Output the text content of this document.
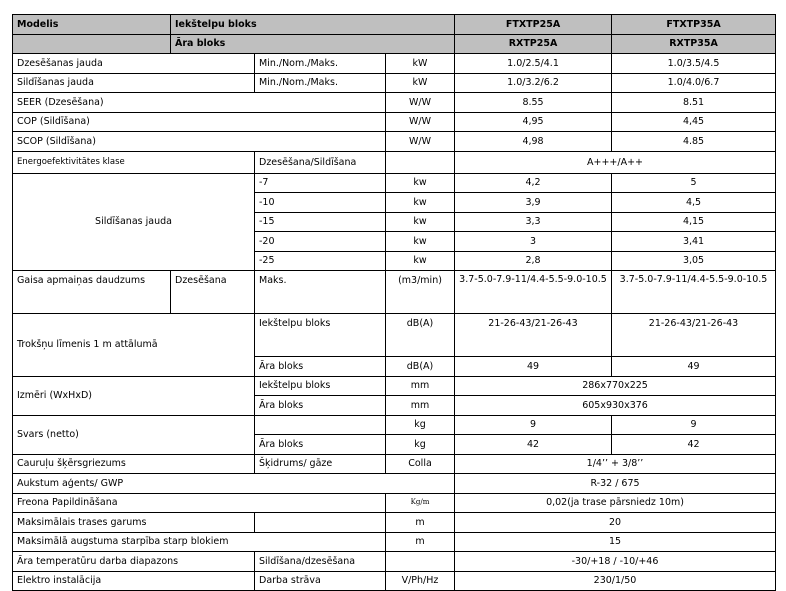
Modelis	Iekštelpu bloks			FTXTP25A	FTXTP35A
	Āra bloks			RXTP25A	RXTP35A
Dzesēšanas jauda		Min./Nom./Maks.	kW	1.0/2.5/4.1	1.0/3.5/4.5
Sildīšanas jauda		Min./Nom./Maks.	kW	1.0/3.2/6.2	1.0/4.0/6.7
SEER (Dzesēšana)			W/W	8.55	8.51
COP (Sildīšana)			W/W	4,95	4,45
SCOP (Sildīšana)			W/W	4,98	4.85
Energoefektivitātes klase		Dzesēšana/Sildīšana		A+++/A++	
Sildīšanas jauda		-7	kw	4,2	5
		-10	kw	3,9	4,5
		-15	kw	3,3	4,15
		-20	kw	3	3,41
		-25	kw	2,8	3,05
Gaisa apmaiņas daudzums	Dzesēšana	Maks.	(m3/min)	3.7-5.0-7.9-11/4.4-5.5-9.0-10.5	3.7-5.0-7.9-11/4.4-5.5-9.0-10.5
Trokšņu līmenis 1 m attālumā		Iekštelpu bloks	dB(A)	21-26-43/21-26-43	21-26-43/21-26-43
		Āra bloks	dB(A)	49	49
Izmēri (WxHxD)		Iekštelpu bloks	mm	286x770x225	
		Āra bloks	mm	605x930x376	
Svars (netto)			kg	9	9
		Āra bloks	kg	42	42
Cauruļu šķērsgriezums		Šķidrums/ gāze	Colla	1/4’’ + 3/8’’	
Aukstum aģents/ GWP				R-32 / 675	
Freona Papildināšana			Kg/m	0,02(ja trase pārsniedz 10m)	
Maksimālais trases garums			m	20	
Maksimālā augstuma starpība starp blokiem			m	15	
Āra temperatūru darba diapazons		Sildīšana/dzesēšana		-30/+18 / -10/+46	
Elektro instalācija		Darba strāva	V/Ph/Hz	230/1/50	
